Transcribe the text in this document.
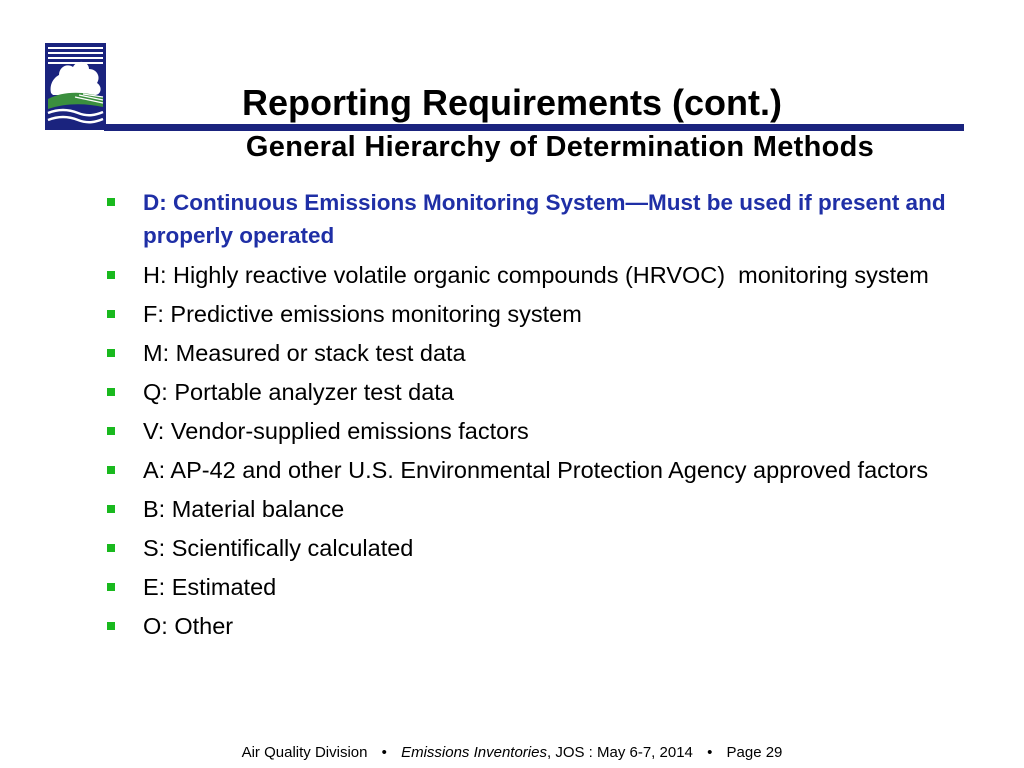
Reporting Requirements (cont.)
General Hierarchy of Determination Methods
D: Continuous Emissions Monitoring System—Must be used if present and properly operated
H: Highly reactive volatile organic compounds (HRVOC)  monitoring system
F: Predictive emissions monitoring system
M: Measured or stack test data
Q: Portable analyzer test data
V: Vendor-supplied emissions factors
A: AP-42 and other U.S. Environmental Protection Agency approved factors
B: Material balance
S: Scientifically calculated
E: Estimated
O: Other
Air Quality Division • Emissions Inventories, JOS : May 6-7, 2014 • Page 29
